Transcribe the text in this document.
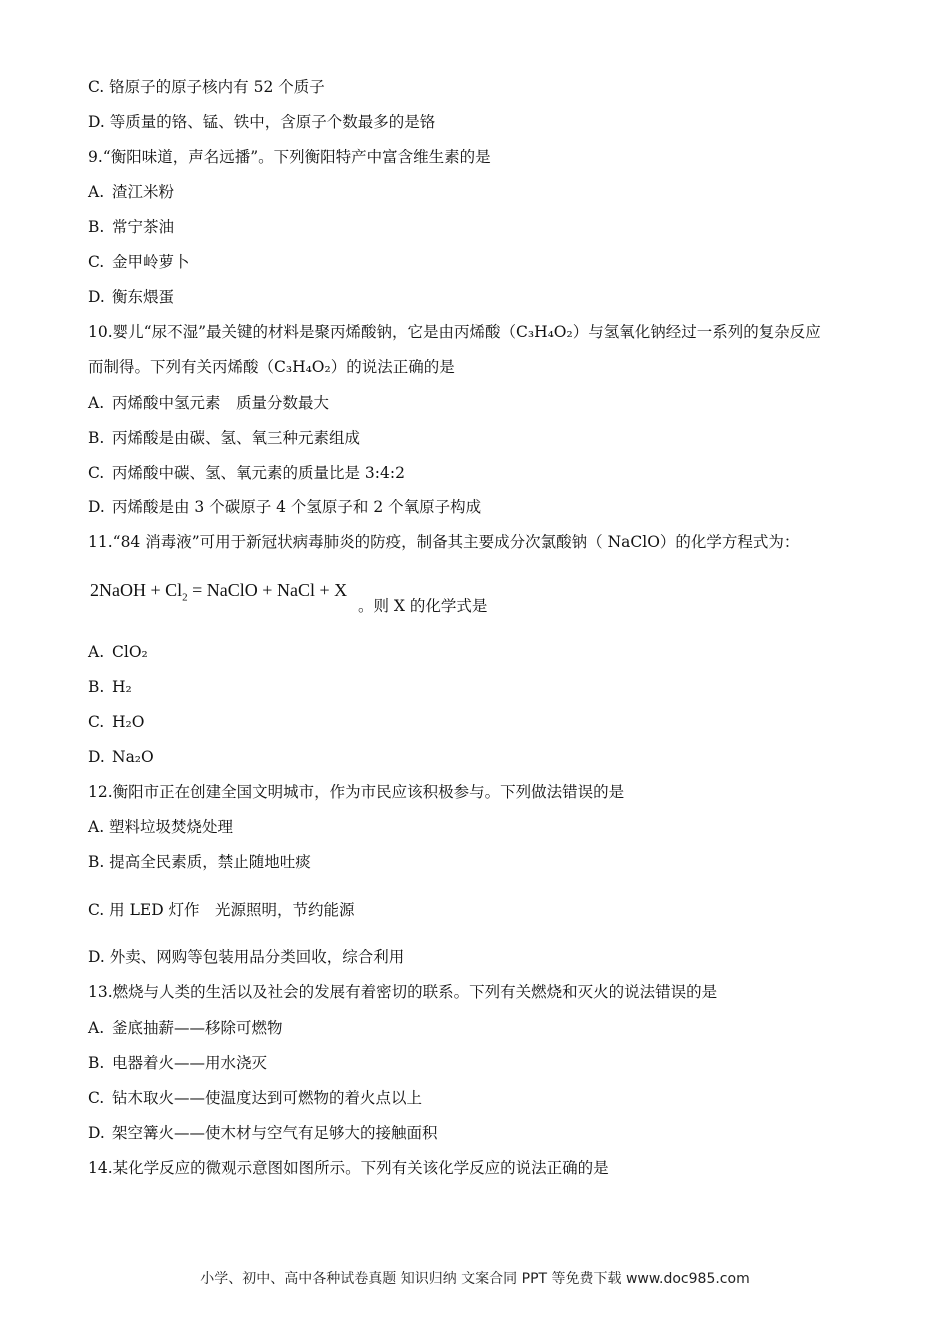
C. 铬原子的原子核内有 52 个质子
D. 等质量的铬、锰、铁中，含原子个数最多的是铬
9.“衡阳味道，声名远播”。下列衡阳特产中富含维生素的是
A. 渣江米粉
B. 常宁茶油
C. 金甲岭萝卜
D. 衡东煨蛋
10.婴儿“尿不湿”最关键的材料是聚丙烯酸钠，它是由丙烯酸（C₃H₄O₂）与氢氧化钠经过一系列的复杂反应
而制得。下列有关丙烯酸（C₃H₄O₂）的说法正确的是
A. 丙烯酸中氢元素　质量分数最大
B. 丙烯酸是由碳、氢、氧三种元素组成
C. 丙烯酸中碳、氢、氧元素的质量比是 3:4:2
D. 丙烯酸是由 3 个碳原子 4 个氢原子和 2 个氧原子构成
11.“84 消毒液”可用于新冠状病毒肺炎的防疫，制备其主要成分次氯酸钠（ NaClO）的化学方程式为：
A. ClO₂
B. H₂
C. H₂O
D. Na₂O
12.衡阳市正在创建全国文明城市，作为市民应该积极参与。下列做法错误的是
A. 塑料垃圾焚烧处理
B. 提高全民素质，禁止随地吐痰
C. 用 LED 灯作　光源照明，节约能源
D. 外卖、网购等包装用品分类回收，综合利用
13.燃烧与人类的生活以及社会的发展有着密切的联系。下列有关燃烧和灭火的说法错误的是
A. 釜底抽薪——移除可燃物
B. 电器着火——用水浇灭
C. 钻木取火——使温度达到可燃物的着火点以上
D. 架空篝火——使木材与空气有足够大的接触面积
14.某化学反应的微观示意图如图所示。下列有关该化学反应的说法正确的是
2NaOH + $Cl_2$ = NaClO + NaCl + X
。则 X 的化学式是
小学、初中、高中各种试卷真题 知识归纳 文案合同 PPT 等免费下载 www.doc985.com
